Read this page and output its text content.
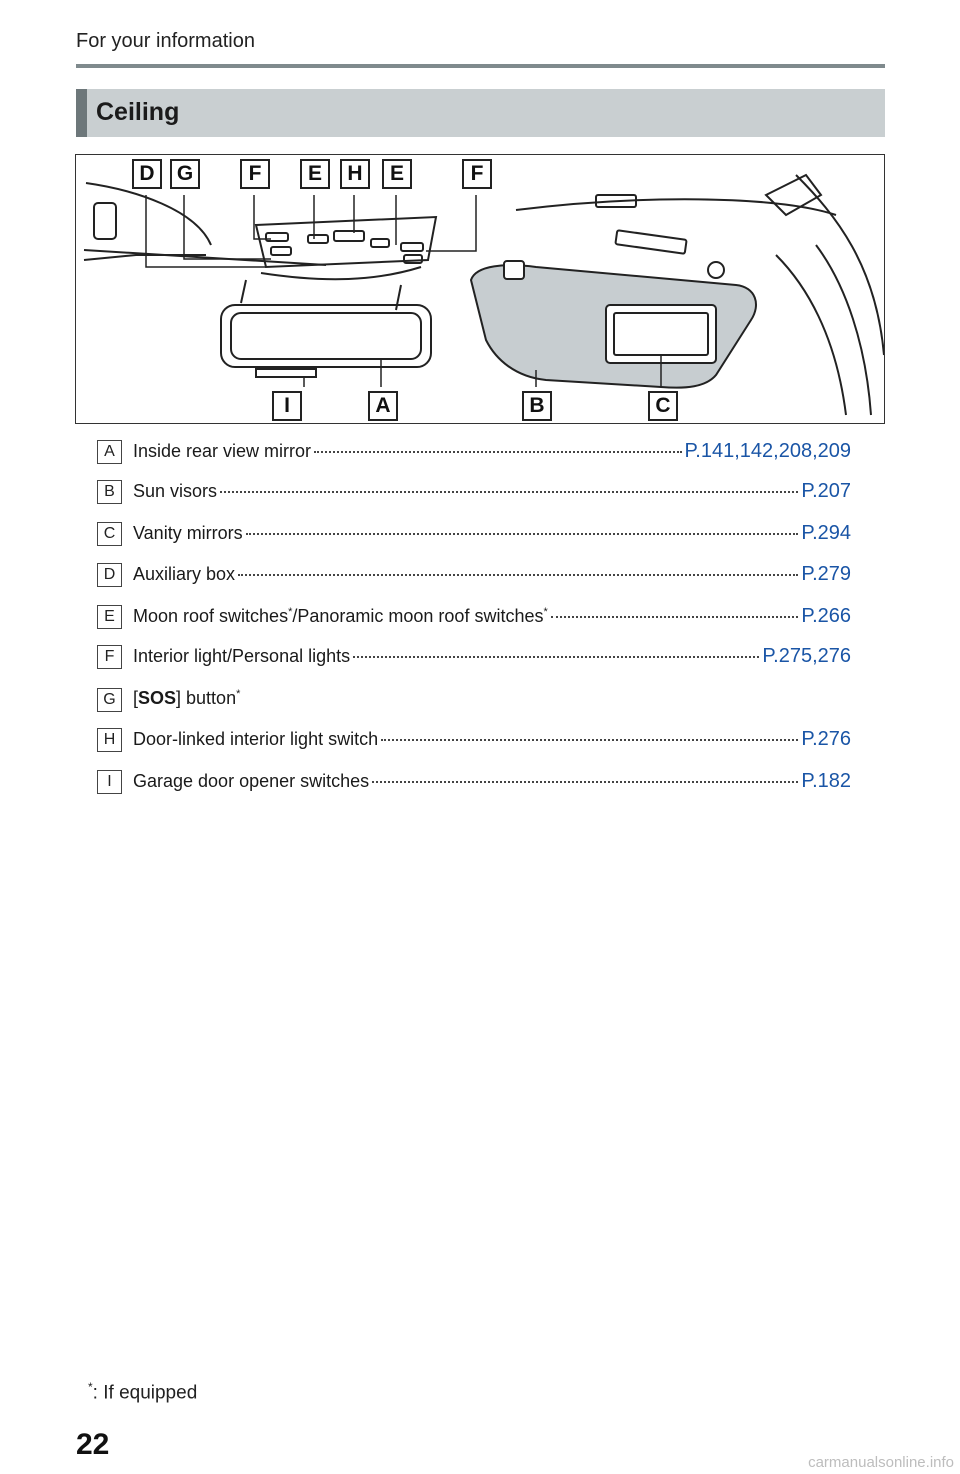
For your information
Ceiling
D	G	F	E	H	E	F
I	A	B	C
A	Inside rear view mirror	P.141,142,208,209
B	Sun visors	P.207
C Vanity mirrors	P.294
D Auxiliary box	P.279
E	Moon roof switches*/Panoramic moon roof switches*	P.266
F	Interior light/Personal lights	P.275,276
G [SOS] button*
H Door-linked interior light switch	P.276
I	Garage door opener switches	P.182
*: If equipped
22
carmanualsonline.info
